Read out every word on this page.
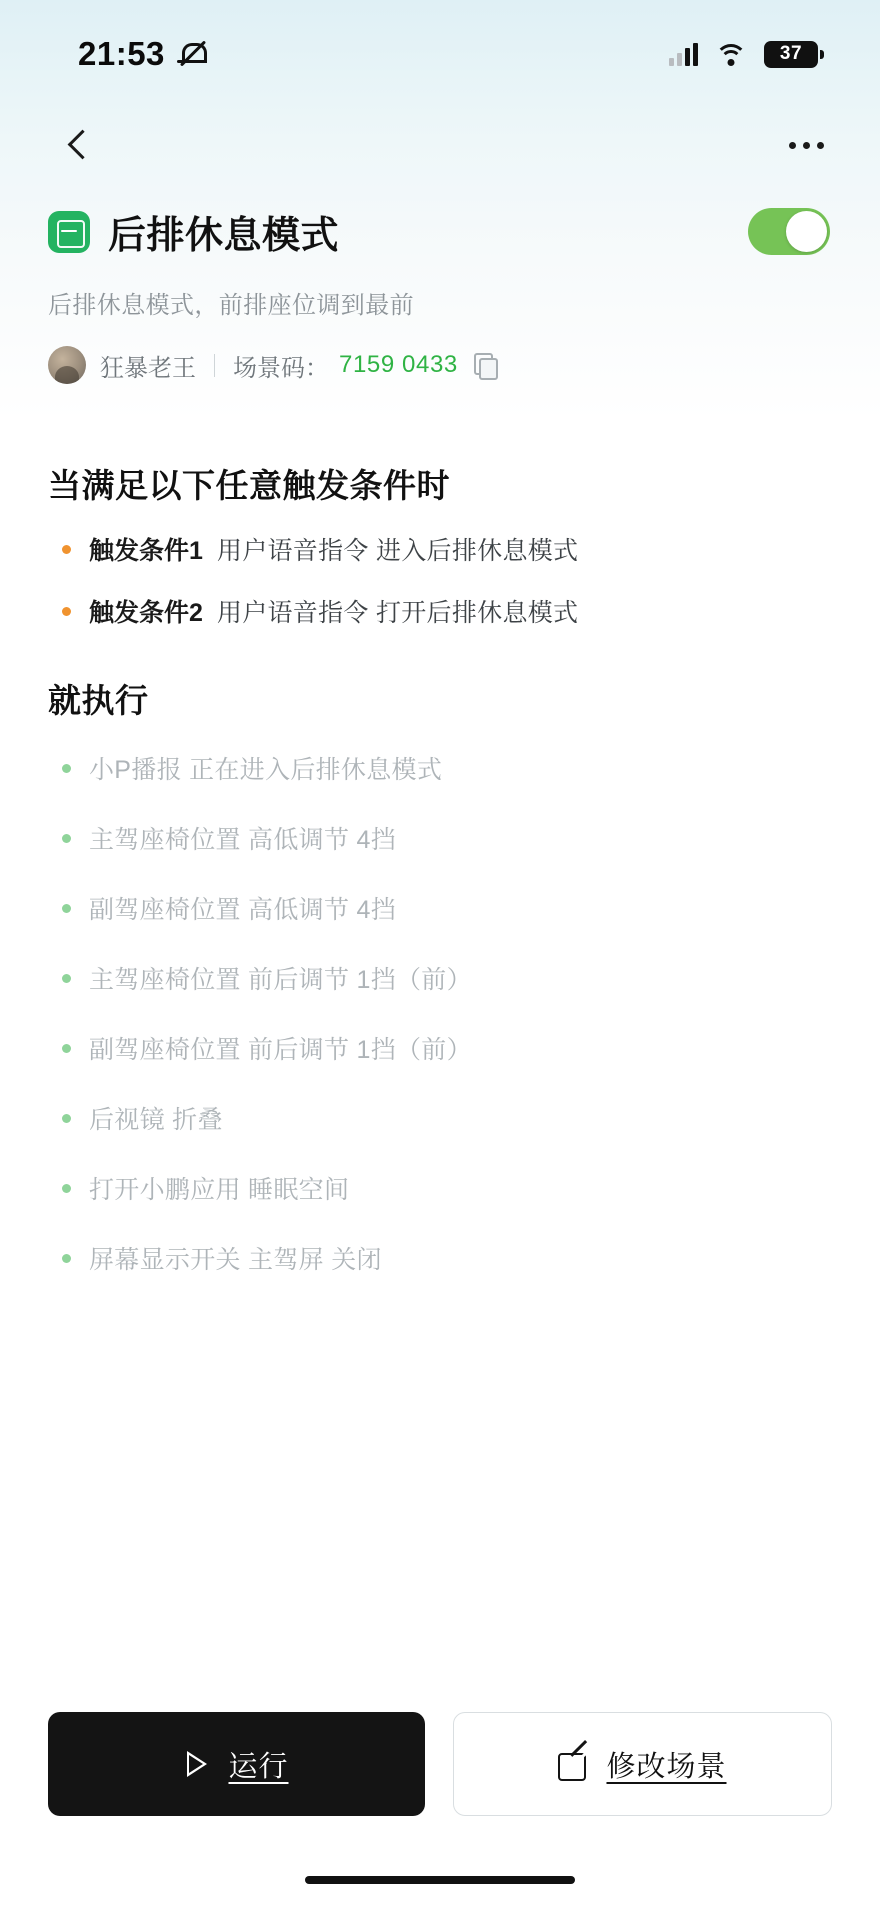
21:53	37
后排休息模式
后排休息模式，前排座位调到最前
狂暴老王 场景码： 7159 0433
当满足以下任意触发条件时
触发条件1 用户语音指令 进入后排休息模式
触发条件2 用户语音指令 打开后排休息模式
就执行
小P播报 正在进入后排休息模式
主驾座椅位置 高低调节 4挡
副驾座椅位置 高低调节 4挡
主驾座椅位置 前后调节 1挡（前）
副驾座椅位置 前后调节 1挡（前）
后视镜 折叠
打开小鹏应用 睡眠空间
屏幕显示开关 主驾屏 关闭
运行	修改场景
